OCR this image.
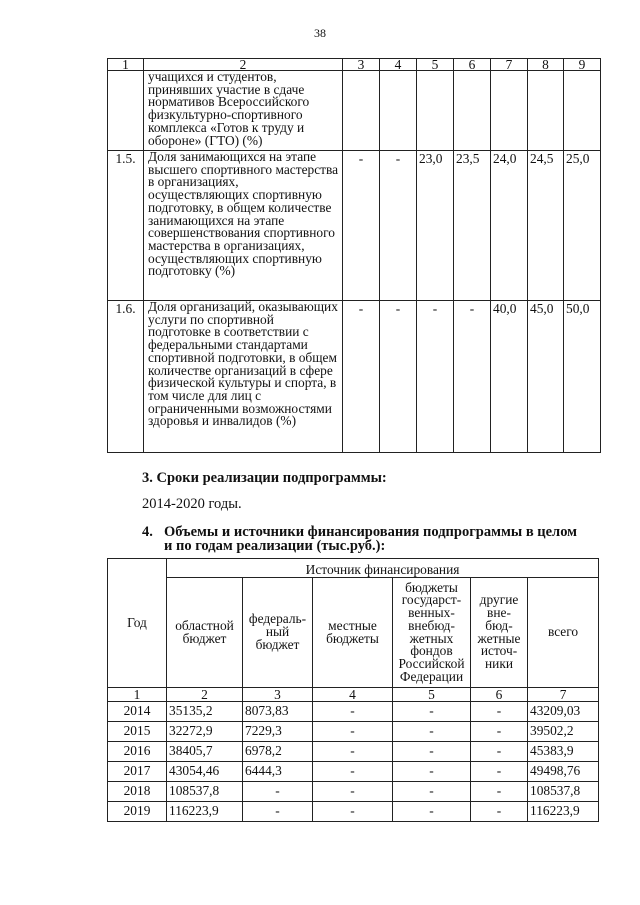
38
1	2	3	4	5	6	7	8	9
	учащихся и студентов, принявших участие в сдаче нормативов Всероссийского физкультурно-спортивного комплекса «Готов к труду и обороне» (ГТО) (%)							
1.5.	Доля занимающихся на этапе высшего спортивного мастерства в организациях, осуществляющих спортивную подготовку, в общем количестве занимающихся на этапе совершенствования спортивного мастерства в организациях, осуществляющих спортивную подготовку (%)	-	-	23,0	23,5	24,0	24,5	25,0
1.6.	Доля организаций, оказывающих услуги по спортивной подготовке в соответствии с федеральными стандартами спортивной подготовки, в общем количестве организаций в сфере физической культуры и спорта, в том числе для лиц с ограниченными возможностями здоровья и инвалидов (%)	-	-	-	-	40,0	45,0	50,0
3. Сроки реализации подпрограммы:
2014-2020 годы.
4. Объемы и источники финансирования подпрограммы в целом
и по годам реализации (тыс.руб.):
Год	Источник финансирования					
	областной бюджет	федераль-ный бюджет	местные бюджеты	бюджеты государст-венных-внебюд-жетных фондов Российской Федерации	другие вне-бюд-жетные источ-ники	всего
1	2	3	4	5	6	7
2014	35135,2	8073,83	-	-	-	43209,03
2015	32272,9	7229,3	-	-	-	39502,2
2016	38405,7	6978,2	-	-	-	45383,9
2017	43054,46	6444,3	-	-	-	49498,76
2018	108537,8	-	-	-	-	108537,8
2019	116223,9	-	-	-	-	116223,9
